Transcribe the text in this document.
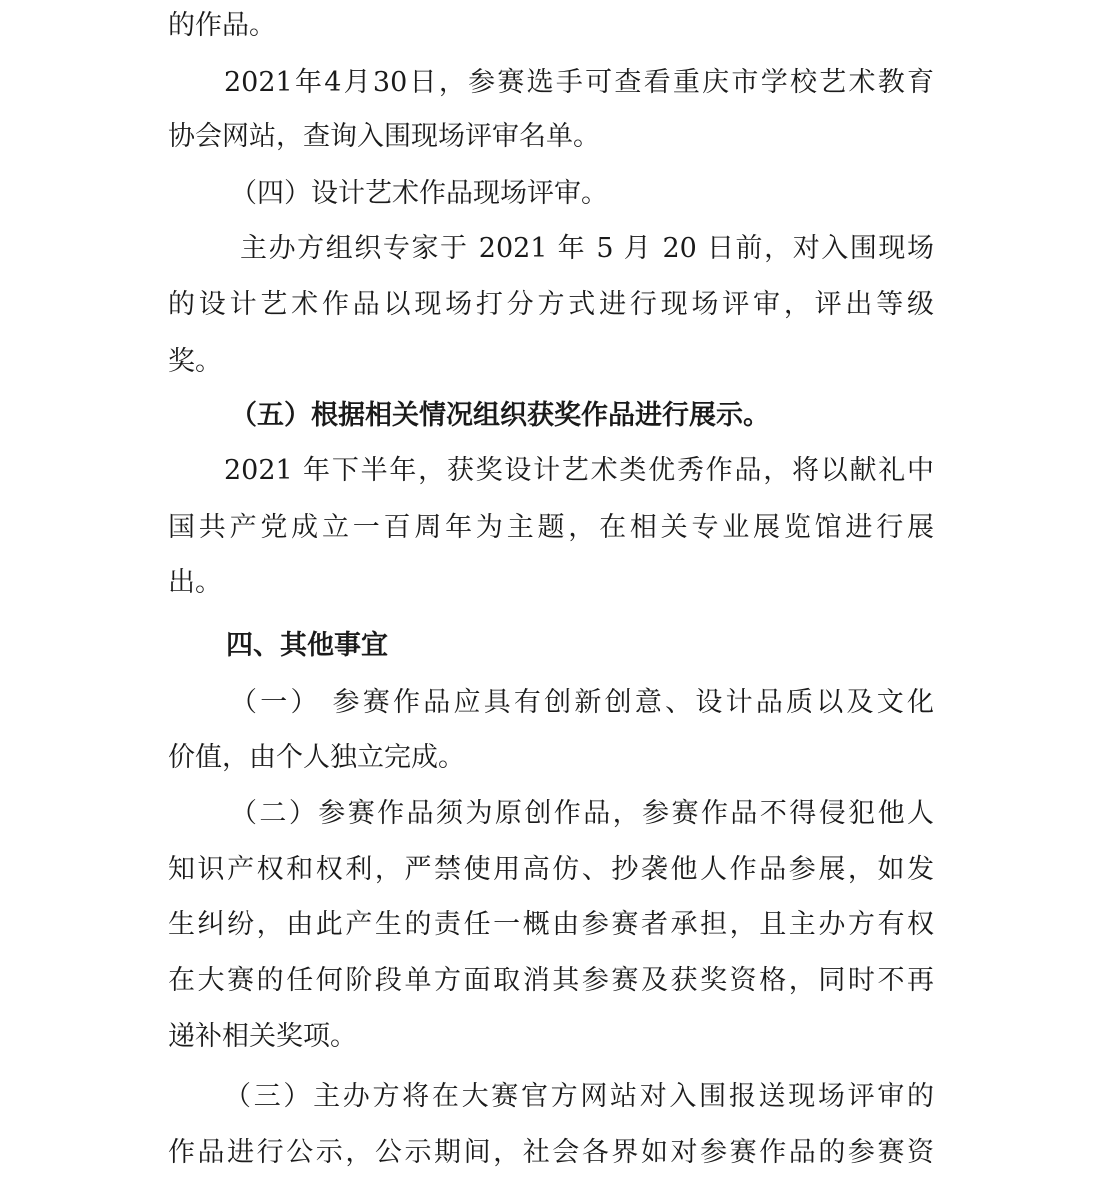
的作品。
2021年4月30日，参赛选手可查看重庆市学校艺术教育
协会网站，查询入围现场评审名单。
（四）设计艺术作品现场评审。
主办方组织专家于 2021 年 5 月 20 日前，对入围现场
的设计艺术作品以现场打分方式进行现场评审，评出等级
奖。
（五）根据相关情况组织获奖作品进行展示。
2021 年下半年，获奖设计艺术类优秀作品，将以献礼中
国共产党成立一百周年为主题，在相关专业展览馆进行展
出。
四、其他事宜
（一） 参赛作品应具有创新创意、设计品质以及文化
价值，由个人独立完成。
（二）参赛作品须为原创作品，参赛作品不得侵犯他人
知识产权和权利，严禁使用高仿、抄袭他人作品参展，如发
生纠纷，由此产生的责任一概由参赛者承担，且主办方有权
在大赛的任何阶段单方面取消其参赛及获奖资格，同时不再
递补相关奖项。
（三）主办方将在大赛官方网站对入围报送现场评审的
作品进行公示，公示期间，社会各界如对参赛作品的参赛资
